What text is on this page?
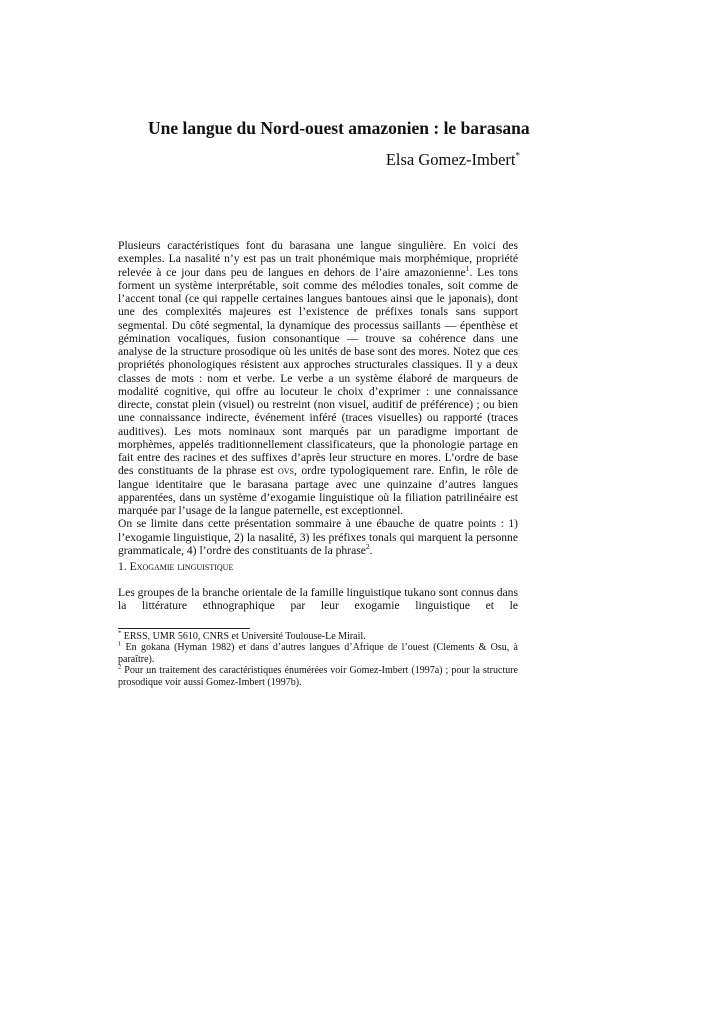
Une langue du Nord-ouest amazonien : le barasana
Elsa Gomez-Imbert*

Plusieurs caractéristiques font du barasana une langue singulière. En voici des exemples. La nasalité n’y est pas un trait phonémique mais morphémique, propriété relevée à ce jour dans peu de langues en dehors de l’aire amazonienne$^1$. Les tons forment un système interprétable, soit comme des mélodies tonales, soit comme de l’accent tonal (ce qui rappelle certaines langues bantoues ainsi que le japonais), dont une des complexités majeures est l’existence de préfixes tonals sans support segmental. Du côté segmental, la dynamique des processus saillants — épenthèse et gémination vocaliques, fusion consonantique — trouve sa cohérence dans une analyse de la structure prosodique où les unités de base sont des mores. Notez que ces propriétés phonologiques résistent aux approches structurales classiques. Il y a deux classes de mots : nom et verbe. Le verbe a un système élaboré de marqueurs de modalité cognitive, qui offre au locuteur le choix d’exprimer : une connaissance directe, constat plein (visuel) ou restreint (non visuel, auditif de préférence) ; ou bien une connaissance indirecte, événement inféré (traces visuelles) ou rapporté (traces auditives). Les mots nominaux sont marqués par un paradigme important de morphèmes, appelés traditionnellement classificateurs, que la phonologie partage en fait entre des racines et des suffixes d’après leur structure en mores. L’ordre de base des constituants de la phrase est ovs, ordre typologiquement rare. Enfin, le rôle de langue identitaire que le barasana partage avec une quinzaine d’autres langues apparentées, dans un système d’exogamie linguistique où la filiation patrilinéaire est marquée par l’usage de la langue paternelle, est exceptionnel.

On se limite dans cette présentation sommaire à une ébauche de quatre points : 1) l’exogamie linguistique, 2) la nasalité, 3) les préfixes tonals qui marquent la personne grammaticale, 4) l’ordre des constituants de la phrase$^2$.

1. Exogamie linguistique

Les groupes de la branche orientale de la famille linguistique tukano sont connus dans la littérature ethnographique par leur exogamie linguistique et le

* ERSS, UMR 5610, CNRS et Université Toulouse-Le Mirail.

$^1$ En gokana (Hyman 1982) et dans d’autres langues d’Afrique de l’ouest (Clements & Osu, à paraître).

$^2$ Pour un traitement des caractéristiques énumérées voir Gomez-Imbert (1997a) ; pour la structure prosodique voir aussi Gomez-Imbert (1997b).
